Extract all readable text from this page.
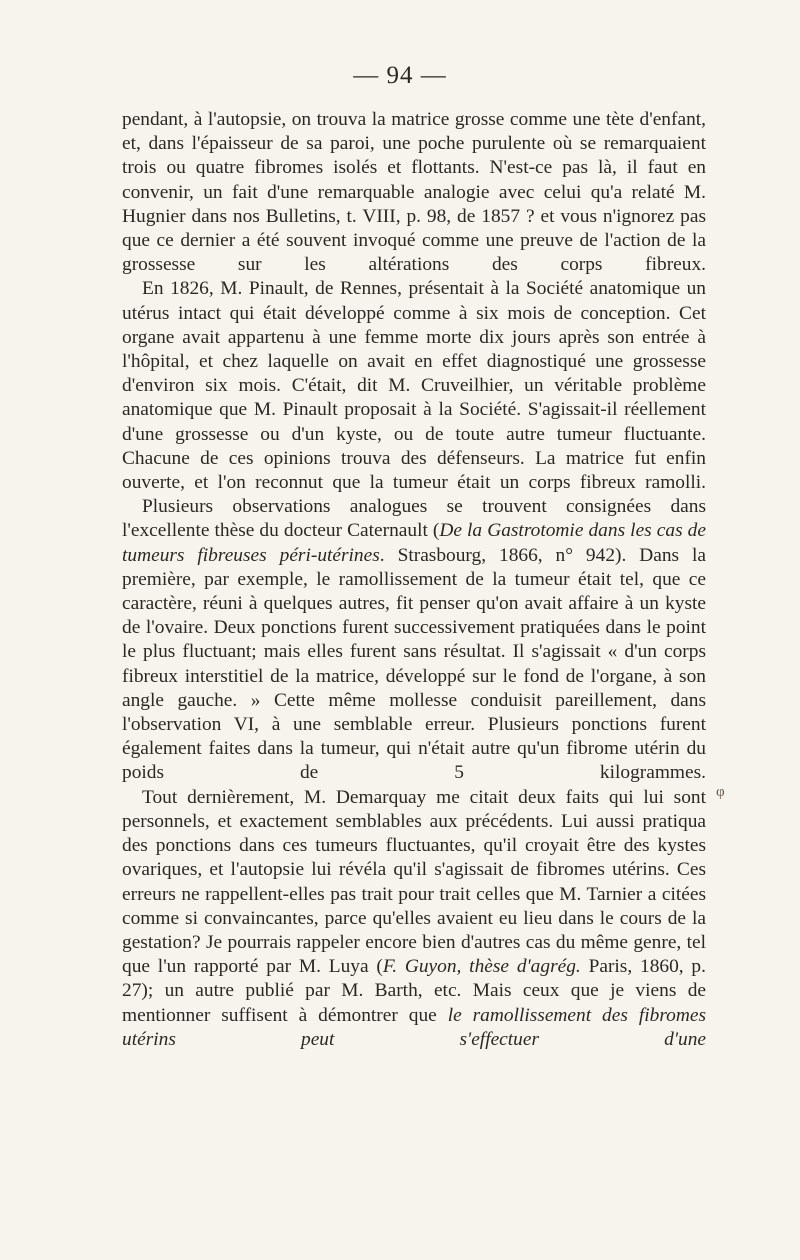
— 94 —

pendant, à l'autopsie, on trouva la matrice grosse comme une tète d'enfant, et, dans l'épaisseur de sa paroi, une poche purulente où se remarquaient trois ou quatre fibromes isolés et flottants. N'est-ce pas là, il faut en convenir, un fait d'une remarquable analogie avec celui qu'a relaté M. Hugnier dans nos Bulletins, t. VIII, p. 98, de 1857 ? et vous n'ignorez pas que ce dernier a été souvent invoqué comme une preuve de l'action de la grossesse sur les altérations des corps fibreux.

En 1826, M. Pinault, de Rennes, présentait à la Société anatomique un utérus intact qui était développé comme à six mois de conception. Cet organe avait appartenu à une femme morte dix jours après son entrée à l'hôpital, et chez laquelle on avait en effet diagnostiqué une grossesse d'environ six mois. C'était, dit M. Cruveilhier, un véritable problème anatomique que M. Pinault proposait à la Société. S'agissait-il réellement d'une grossesse ou d'un kyste, ou de toute autre tumeur fluctuante. Chacune de ces opinions trouva des défenseurs. La matrice fut enfin ouverte, et l'on reconnut que la tumeur était un corps fibreux ramolli.

Plusieurs observations analogues se trouvent consignées dans l'excellente thèse du docteur Caternault (De la Gastrotomie dans les cas de tumeurs fibreuses péri-utérines. Strasbourg, 1866, n° 942). Dans la première, par exemple, le ramollissement de la tumeur était tel, que ce caractère, réuni à quelques autres, fit penser qu'on avait affaire à un kyste de l'ovaire. Deux ponctions furent successivement pratiquées dans le point le plus fluctuant; mais elles furent sans résultat. Il s'agissait « d'un corps fibreux interstitiel de la matrice, développé sur le fond de l'organe, à son angle gauche. » Cette même mollesse conduisit pareillement, dans l'observation VI, à une semblable erreur. Plusieurs ponctions furent également faites dans la tumeur, qui n'était autre qu'un fibrome utérin du poids de 5 kilogrammes.

Tout dernièrement, M. Demarquay me citait deux faits qui lui sont personnels, et exactement semblables aux précédents. Lui aussi pratiqua des ponctions dans ces tumeurs fluctuantes, qu'il croyait être des kystes ovariques, et l'autopsie lui révéla qu'il s'agissait de fibromes utérins. Ces erreurs ne rappellent-elles pas trait pour trait celles que M. Tarnier a citées comme si convaincantes, parce qu'elles avaient eu lieu dans le cours de la gestation? Je pourrais rappeler encore bien d'autres cas du même genre, tel que l'un rapporté par M. Luya (F. Guyon, thèse d'agrég. Paris, 1860, p. 27); un autre publié par M. Barth, etc. Mais ceux que je viens de mentionner suffisent à démontrer que le ramollissement des fibromes utérins peut s'effectuer d'une

φ
